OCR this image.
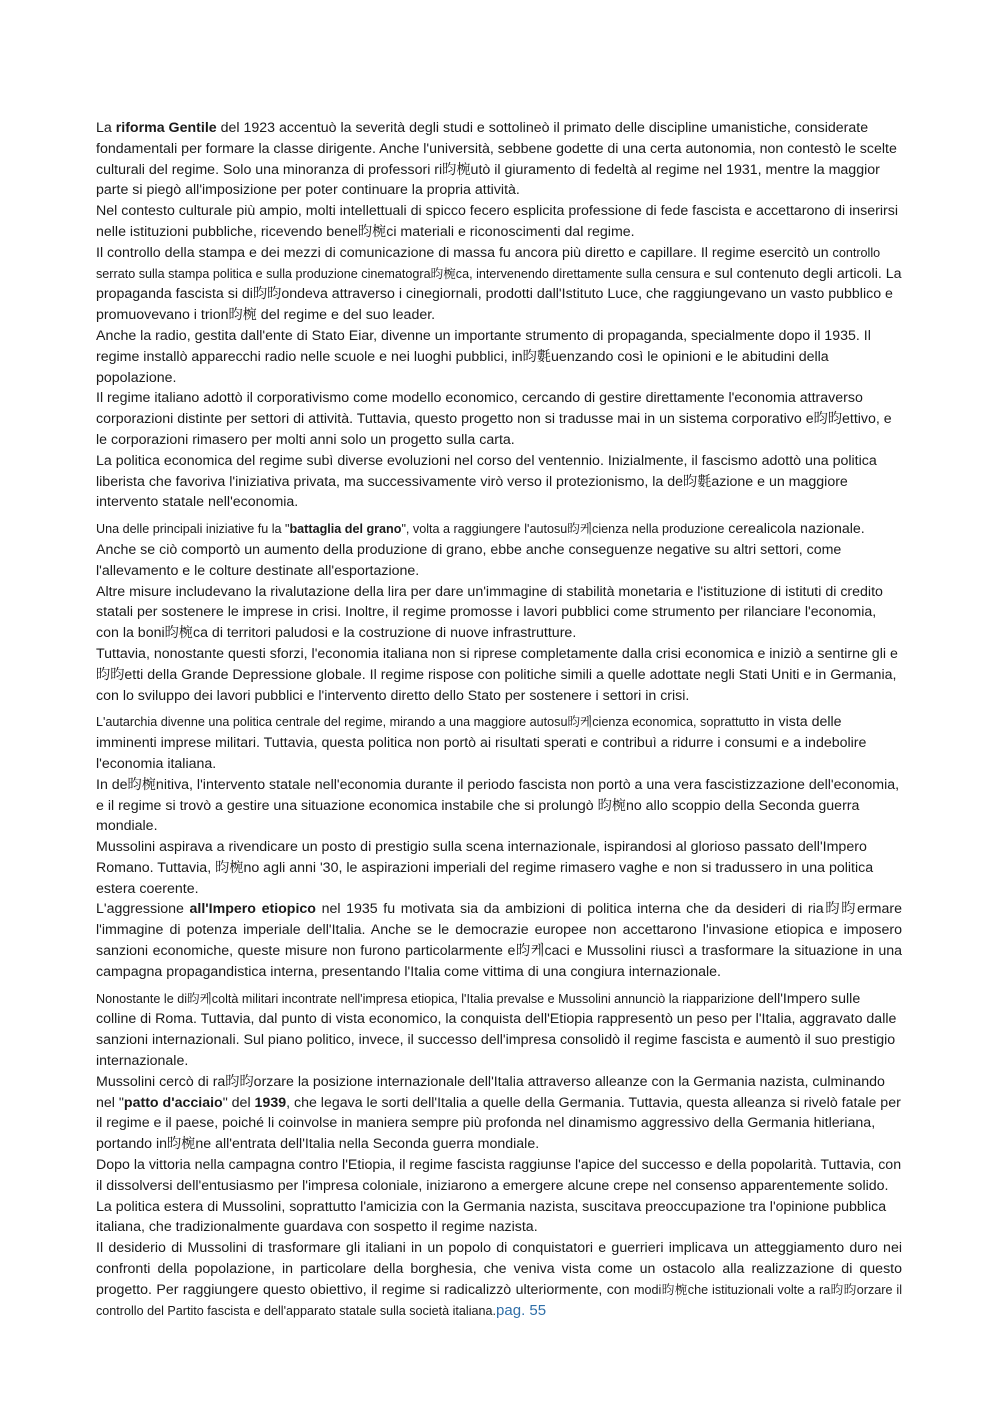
La riforma Gentile del 1923 accentuò la severità degli studi e sottolineò il primato delle discipline umanistiche, considerate fondamentali per formare la classe dirigente. Anche l'università, sebbene godette di una certa autonomia, non contestò le scelte culturali del regime. Solo una minoranza di professori ri昀椀utò il giuramento di fedeltà al regime nel 1931, mentre la maggior parte si piegò all'imposizione per poter continuare la propria attività.

Nel contesto culturale più ampio, molti intellettuali di spicco fecero esplicita professione di fede fascista e accettarono di inserirsi nelle istituzioni pubbliche, ricevendo bene昀椀ci materiali e riconoscimenti dal regime.

Il controllo della stampa e dei mezzi di comunicazione di massa fu ancora più diretto e capillare. Il regime esercitò un controllo serrato sulla stampa politica e sulla produzione cinematogra昀椀ca, intervenendo direttamente sulla censura e sul contenuto degli articoli. La propaganda fascista si di昀昀ondeva attraverso i cinegiornali, prodotti dall'Istituto Luce, che raggiungevano un vasto pubblico e promuovevano i trion昀椀 del regime e del suo leader.

Anche la radio, gestita dall'ente di Stato Eiar, divenne un importante strumento di propaganda, specialmente dopo il 1935. Il regime installò apparecchi radio nelle scuole e nei luoghi pubblici, in昀氀uenzando così le opinioni e le abitudini della popolazione.

Il regime italiano adottò il corporativismo come modello economico, cercando di gestire direttamente l'economia attraverso corporazioni distinte per settori di attività. Tuttavia, questo progetto non si tradusse mai in un sistema corporativo e昀昀ettivo, e le corporazioni rimasero per molti anni solo un progetto sulla carta.

La politica economica del regime subì diverse evoluzioni nel corso del ventennio. Inizialmente, il fascismo adottò una politica liberista che favoriva l'iniziativa privata, ma successivamente virò verso il protezionismo, la de昀氀azione e un maggiore intervento statale nell'economia.

Una delle principali iniziative fu la "battaglia del grano", volta a raggiungere l'autosu昀케cienza nella produzione cerealicola nazionale. Anche se ciò comportò un aumento della produzione di grano, ebbe anche conseguenze negative su altri settori, come l'allevamento e le colture destinate all'esportazione.

Altre misure includevano la rivalutazione della lira per dare un'immagine di stabilità monetaria e l'istituzione di istituti di credito statali per sostenere le imprese in crisi. Inoltre, il regime promosse i lavori pubblici come strumento per rilanciare l'economia, con la boni昀椀ca di territori paludosi e la costruzione di nuove infrastrutture.

Tuttavia, nonostante questi sforzi, l'economia italiana non si riprese completamente dalla crisi economica e iniziò a sentirne gli e昀昀etti della Grande Depressione globale. Il regime rispose con politiche simili a quelle adottate negli Stati Uniti e in Germania, con lo sviluppo dei lavori pubblici e l'intervento diretto dello Stato per sostenere i settori in crisi.

L'autarchia divenne una politica centrale del regime, mirando a una maggiore autosu昀케cienza economica, soprattutto in vista delle imminenti imprese militari. Tuttavia, questa politica non portò ai risultati sperati e contribuì a ridurre i consumi e a indebolire l'economia italiana.

In de昀椀nitiva, l'intervento statale nell'economia durante il periodo fascista non portò a una vera fascistizzazione dell'economia, e il regime si trovò a gestire una situazione economica instabile che si prolungò 昀椀no allo scoppio della Seconda guerra mondiale.

Mussolini aspirava a rivendicare un posto di prestigio sulla scena internazionale, ispirandosi al glorioso passato dell'Impero Romano. Tuttavia, 昀椀no agli anni '30, le aspirazioni imperiali del regime rimasero vaghe e non si tradussero in una politica estera coerente.

L'aggressione all'Impero etiopico nel 1935 fu motivata sia da ambizioni di politica interna che da desideri di ria昀昀ermare l'immagine di potenza imperiale dell'Italia. Anche se le democrazie europee non accettarono l'invasione etiopica e imposero sanzioni economiche, queste misure non furono particolarmente e昀케caci e Mussolini riuscì a trasformare la situazione in una campagna propagandistica interna, presentando l'Italia come vittima di una congiura internazionale.

Nonostante le di昀케coltà militari incontrate nell'impresa etiopica, l'Italia prevalse e Mussolini annunciò la riapparizione dell'Impero sulle colline di Roma. Tuttavia, dal punto di vista economico, la conquista dell'Etiopia rappresentò un peso per l'Italia, aggravato dalle sanzioni internazionali. Sul piano politico, invece, il successo dell'impresa consolidò il regime fascista e aumentò il suo prestigio internazionale.

Mussolini cercò di ra昀昀orzare la posizione internazionale dell'Italia attraverso alleanze con la Germania nazista, culminando nel "patto d'acciaio" del 1939, che legava le sorti dell'Italia a quelle della Germania. Tuttavia, questa alleanza si rivelò fatale per il regime e il paese, poiché li coinvolse in maniera sempre più profonda nel dinamismo aggressivo della Germania hitleriana, portando in昀椀ne all'entrata dell'Italia nella Seconda guerra mondiale.

Dopo la vittoria nella campagna contro l'Etiopia, il regime fascista raggiunse l'apice del successo e della popolarità. Tuttavia, con il dissolversi dell'entusiasmo per l'impresa coloniale, iniziarono a emergere alcune crepe nel consenso apparentemente solido. La politica estera di Mussolini, soprattutto l'amicizia con la Germania nazista, suscitava preoccupazione tra l'opinione pubblica italiana, che tradizionalmente guardava con sospetto il regime nazista.

Il desiderio di Mussolini di trasformare gli italiani in un popolo di conquistatori e guerrieri implicava un atteggiamento duro nei confronti della popolazione, in particolare della borghesia, che veniva vista come un ostacolo alla realizzazione di questo progetto. Per raggiungere questo obiettivo, il regime si radicalizzò ulteriormente, con modi昀椀che istituzionali volte a ra昀昀orzare il controllo del Partito fascista e dell'apparato statale sulla società italiana.pag. 55
